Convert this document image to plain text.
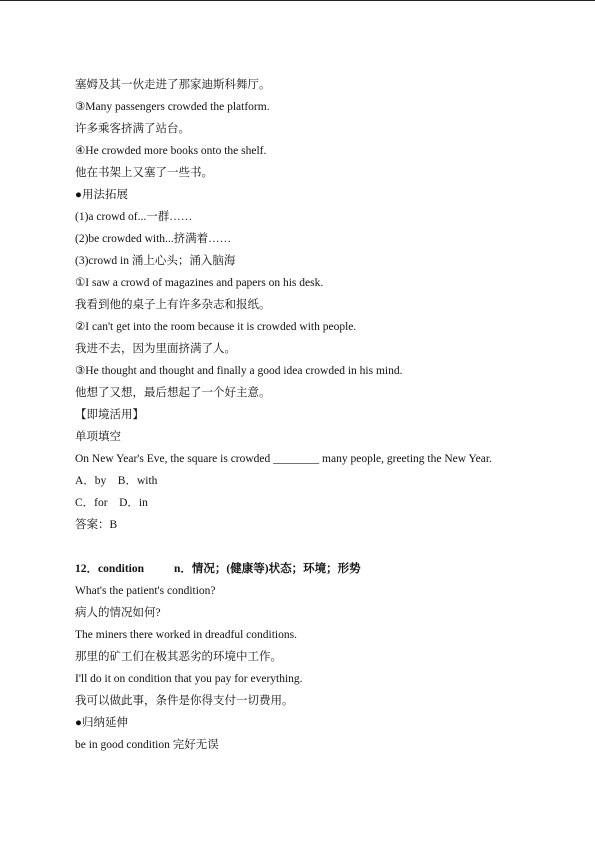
塞姆及其一伙走进了那家迪斯科舞厅。
③Many passengers crowded the platform.
许多乘客挤满了站台。
④He crowded more books onto the shelf.
他在书架上又塞了一些书。
●用法拓展
(1)a crowd of...一群……
(2)be crowded with...挤满着……
(3)crowd in 涌上心头；涌入脑海
①I saw a crowd of magazines and papers on his desk.
我看到他的桌子上有许多杂志和报纸。
②I can't get into the room because it is crowded with people.
我进不去，因为里面挤满了人。
③He thought and thought and finally a good idea crowded in his mind.
他想了又想，最后想起了一个好主意。
【即境活用】
单项填空
On New Year's Eve, the square is crowded ________ many people, greeting the New Year.
A．by　B．with
C．for　D．in
答案：B
12．condition	n．情况；(健康等)状态；环境；形势
What's the patient's condition?
病人的情况如何?
The miners there worked in dreadful conditions.
那里的矿工们在极其恶劣的环境中工作。
I'll do it on condition that you pay for everything.
我可以做此事，条件是你得支付一切费用。
●归纳延伸
be in good condition 完好无误
